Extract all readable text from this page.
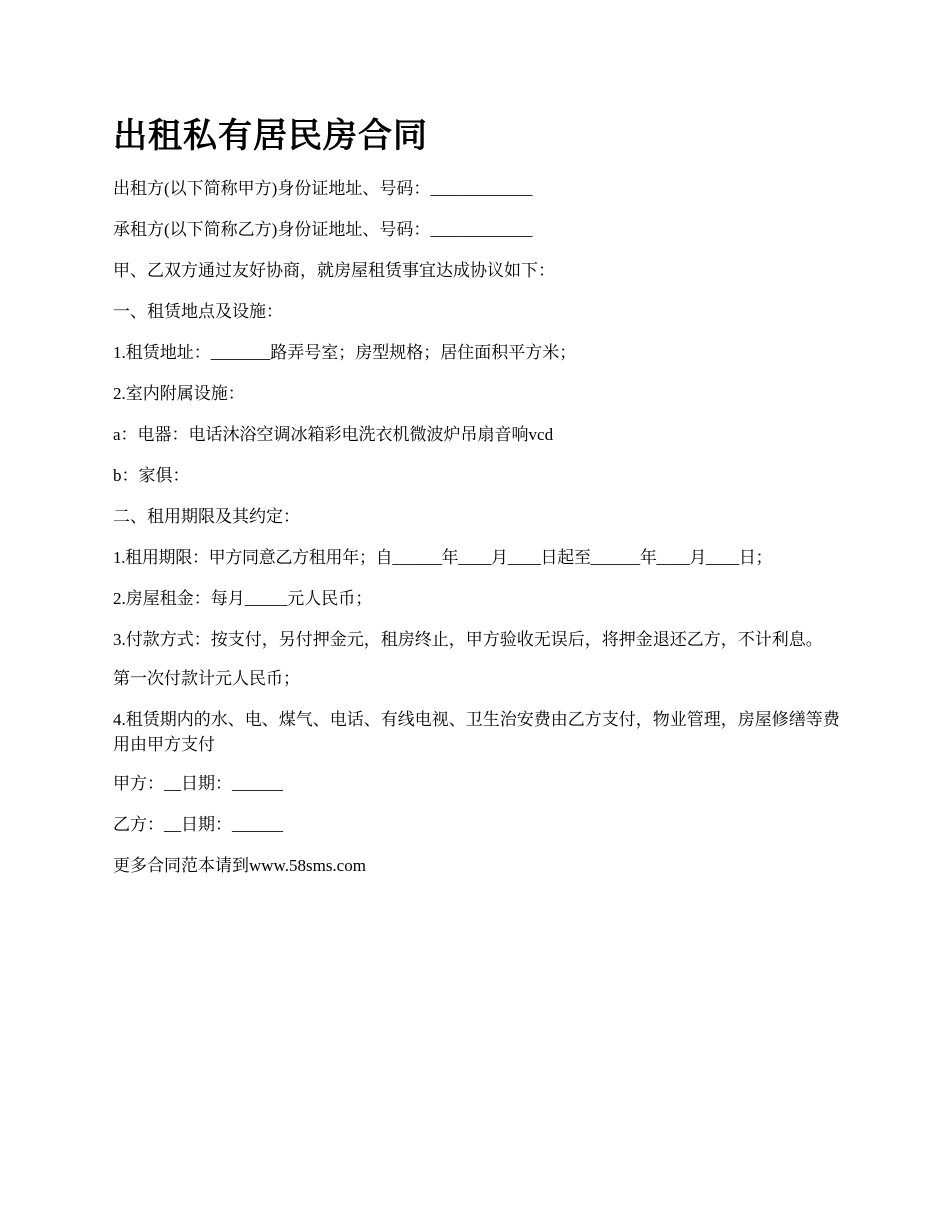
出租私有居民房合同

出租方(以下简称甲方)身份证地址、号码：____________

承租方(以下简称乙方)身份证地址、号码：____________

甲、乙双方通过友好协商，就房屋租赁事宜达成协议如下：

一、租赁地点及设施：

1.租赁地址：_______路弄号室；房型规格；居住面积平方米；

2.室内附属设施：

a：电器：电话沐浴空调冰箱彩电洗衣机微波炉吊扇音响vcd

b：家俱：

二、租用期限及其约定：

1.租用期限：甲方同意乙方租用年；自______年____月____日起至______年____月____日；

2.房屋租金：每月_____元人民币；

3.付款方式：按支付，另付押金元，租房终止，甲方验收无误后，将押金退还乙方，不计利息。

第一次付款计元人民币；

4.租赁期内的水、电、煤气、电话、有线电视、卫生治安费由乙方支付，物业管理，房屋修缮等费用由甲方支付

甲方：__日期：______

乙方：__日期：______

更多合同范本请到www.58sms.com
